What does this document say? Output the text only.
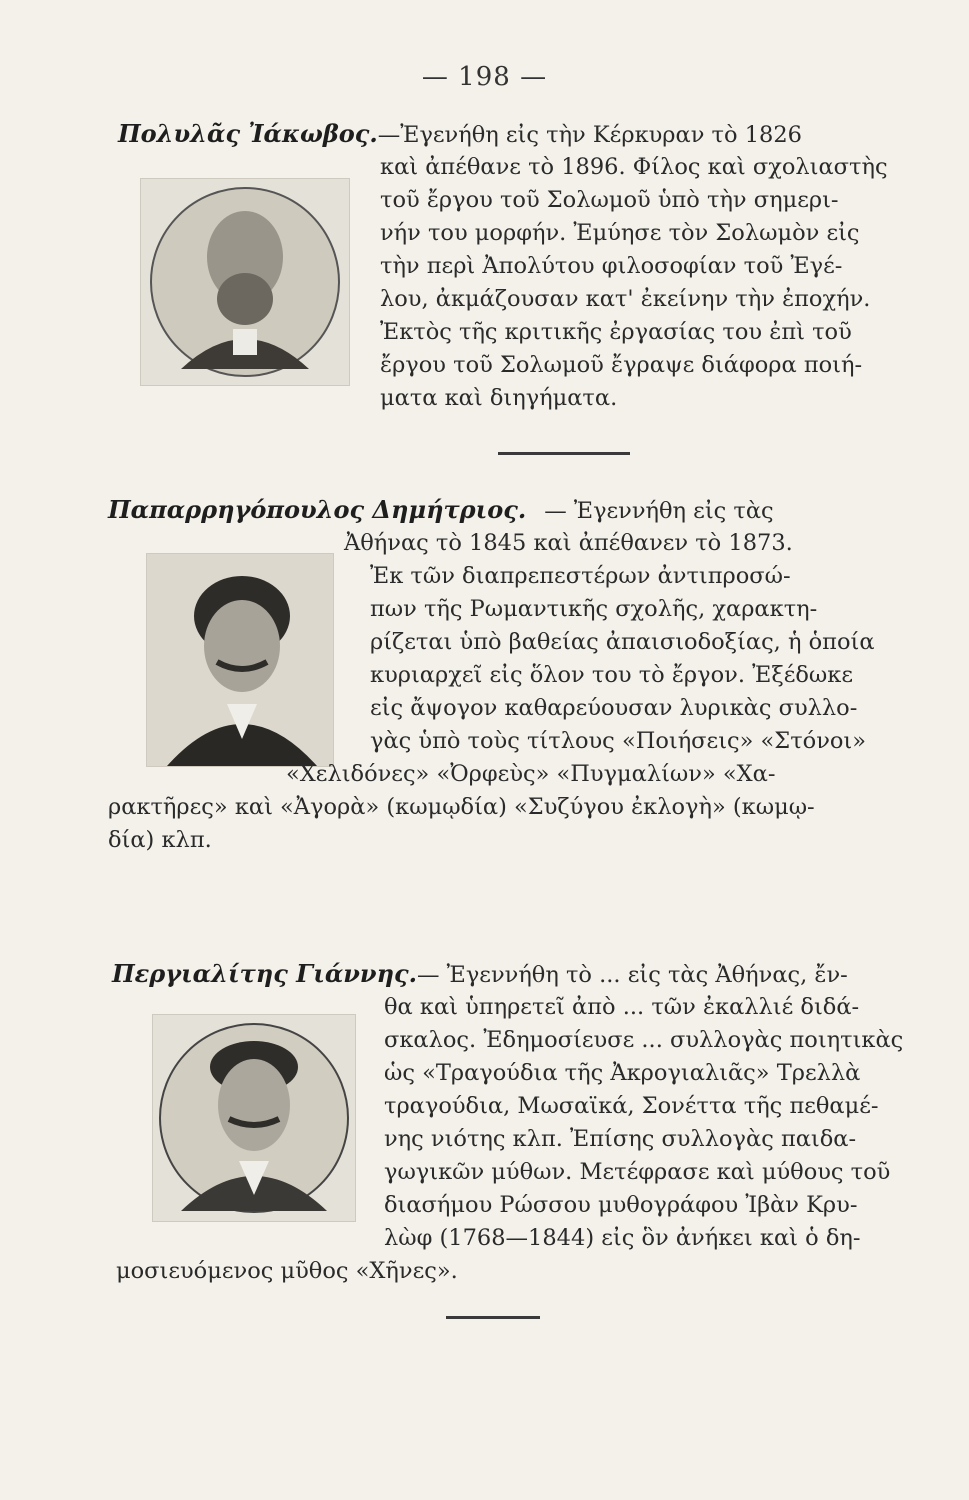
— 198 —
Πολυλᾶς Ἰάκωβος.—Ἐγενήθη εἰς τὴν Κέρκυραν τὸ 1826
καὶ ἀπέθανε τὸ 1896. Φίλος καὶ σχολιαστὴς
τοῦ ἔργου τοῦ Σολωμοῦ ὑπὸ τὴν σημερι-
νήν του μορφήν. Ἐμύησε τὸν Σολωμὸν εἰς
τὴν περὶ Ἀπολύτου φιλοσοφίαν τοῦ Ἐγέ-
λου, ἀκμάζουσαν κατ' ἐκείνην τὴν ἐποχήν.
Ἐκτὸς τῆς κριτικῆς ἐργασίας του ἐπὶ τοῦ
ἔργου τοῦ Σολωμοῦ ἔγραψε διάφορα ποιή-
ματα καὶ διηγήματα.
Παπαρρηγόπουλος Δημήτριος. — Ἐγεννήθη εἰς τὰς
Ἀθήνας τὸ 1845 καὶ ἀπέθανεν τὸ 1873.
Ἐκ τῶν διαπρεπεστέρων ἀντιπροσώ-
πων τῆς Ρωμαντικῆς σχολῆς, χαρακτη-
ρίζεται ὑπὸ βαθείας ἀπαισιοδοξίας, ἡ ὁποία
κυριαρχεῖ εἰς ὅλον του τὸ ἔργον. Ἐξέδωκε
εἰς ἄψογον καθαρεύουσαν λυρικὰς συλλο-
γὰς ὑπὸ τοὺς τίτλους «Ποιήσεις» «Στόνοι»
«Χελιδόνες» «Ὀρφεὺς» «Πυγμαλίων» «Χα-
ρακτῆρες» καὶ «Ἀγορὰ» (κωμῳδία) «Συζύγου ἐκλογὴ» (κωμῳ-
δία) κλπ.
Περγιαλίτης Γιάννης.— Ἐγεννήθη τὸ ... εἰς τὰς Ἀθήνας, ἔν-
θα καὶ ὑπηρετεῖ ἀπὸ ... τῶν ἐκαλλιέ διδά-
σκαλος. Ἐδημοσίευσε ... συλλογὰς ποιητικὰς
ὡς «Τραγούδια τῆς Ἀκρογιαλιᾶς» Τρελλὰ
τραγούδια, Μωσαϊκά, Σονέττα τῆς πεθαμέ-
νης νιότης κλπ. Ἐπίσης συλλογὰς παιδα-
γωγικῶν μύθων. Μετέφρασε καὶ μύθους τοῦ
διασήμου Ρώσσου μυθογράφου Ἰβὰν Κρυ-
λὼφ (1768—1844) εἰς ὃν ἀνήκει καὶ ὁ δη-
μοσιευόμενος μῦθος «Χῆνες».
